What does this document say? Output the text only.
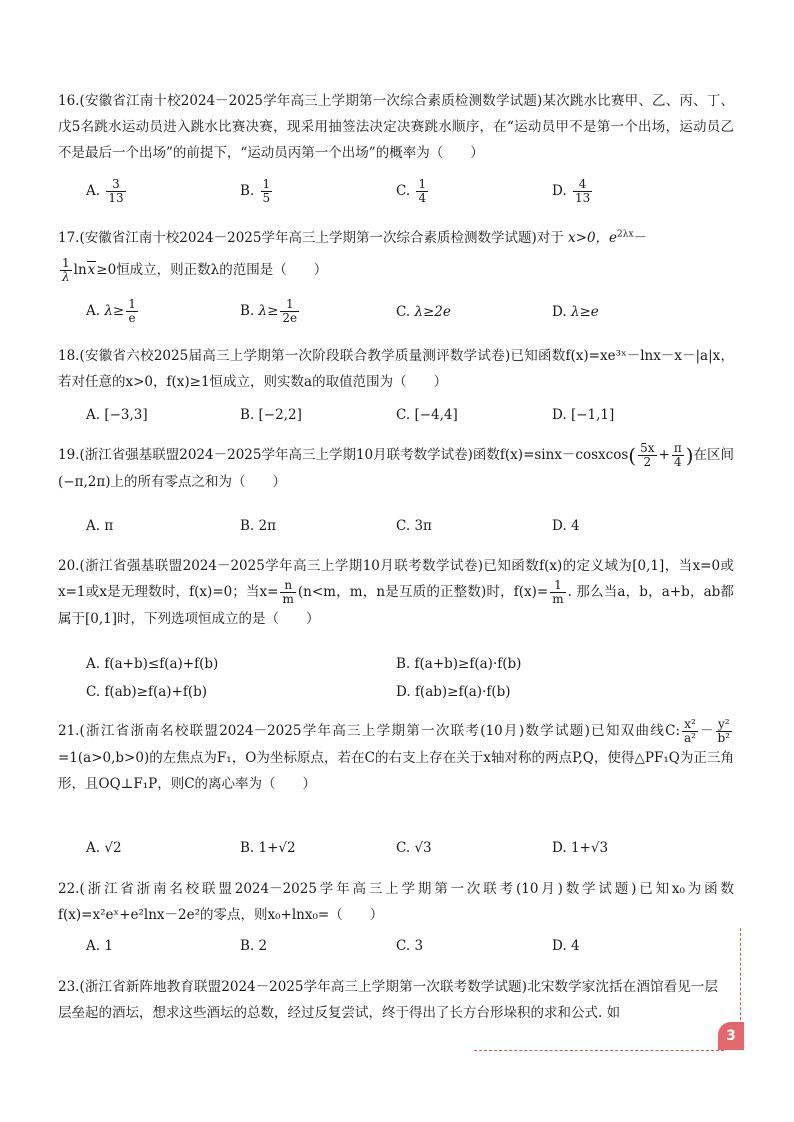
16.(安徽省江南十校2024－2025学年高三上学期第一次综合素质检测数学试题)某次跳水比赛甲、乙、丙、丁、戊5名跳水运动员进入跳水比赛决赛，现采用抽签法决定决赛跳水顺序，在“运动员甲不是第一个出场，运动员乙不是最后一个出场”的前提下，“运动员丙第一个出场”的概率为（　　）

A. $\frac{3}{13}$	B. $\frac{1}{5}$	C. $\frac{1}{4}$	D. $\frac{4}{13}$

17.(安徽省江南十校2024－2025学年高三上学期第一次综合素质检测数学试题)对于 x>0，$e^{2\lambda x}-$

$\frac{1}{\lambda} \ln x\ge 0$恒成立，则正数λ的范围是（　　）

A. $\lambda\ge \frac{1}{e}$	B. $\lambda\ge \frac{1}{2e}$	C. λ≥2e	D. λ≥e

18.(安徽省六校2025届高三上学期第一次阶段联合教学质量测评数学试卷)已知函数f(x)=xe³ˣ－lnx－x－|a|x，若对任意的x>0，f(x)≥1恒成立，则实数a的取值范围为（　　）

A. [−3,3]	B. [−2,2]	C. [−4,4]	D. [−1,1]

19.(浙江省强基联盟2024－2025学年高三上学期10月联考数学试卷)函数f(x)=sinx－cosxcos( $\frac{5x}{2} + \frac{\pi}{4}$ )在区间(−π,2π)上的所有零点之和为（　　）

A. π	B. 2π	C. 3π	D. 4

20.(浙江省强基联盟2024－2025学年高三上学期10月联考数学试卷)已知函数f(x)的定义域为[0,1]，当x=0或x=1或x是无理数时，f(x)=0；当$x= \frac{n}{m} (n<m$，m，n是互质的正整数)时，$f(x)= \frac{1}{m}$ . 那么当a，b，a+b，ab都属于[0,1]时，下列选项恒成立的是（　　）

A. f(a+b)≤f(a)+f(b)	B. f(a+b)≥f(a)·f(b)
C. f(ab)≥f(a)+f(b)	D. f(ab)≥f(a)·f(b)

21.(浙江省浙南名校联盟2024－2025学年高三上学期第一次联考(10月)数学试题)已知双曲线C: $\frac{\text{x²}}{\text{a²}} - \frac{\text{y²}}{\text{b²}}$
=1(a>0,b>0)的左焦点为F₁，O为坐标原点，若在C的右支上存在关于x轴对称的两点P,Q，使得△PF₁Q为正三角形，且OQ⊥F₁P，则C的离心率为（　　）

A. √2	B. 1+√2	C. √3	D. 1+√3

22.(浙江省浙南名校联盟2024－2025学年高三上学期第一次联考(10月)数学试题)已知x₀为函数f(x)=x²eˣ+e²lnx－2e²的零点，则x₀+lnx₀=（　　）

A. 1	B. 2	C. 3	D. 4

23.(浙江省新阵地教育联盟2024－2025学年高三上学期第一次联考数学试题)北宋数学家沈括在酒馆看见一层层垒起的酒坛，想求这些酒坛的总数，经过反复尝试，终于得出了长方台形垛积的求和公式. 如

3
